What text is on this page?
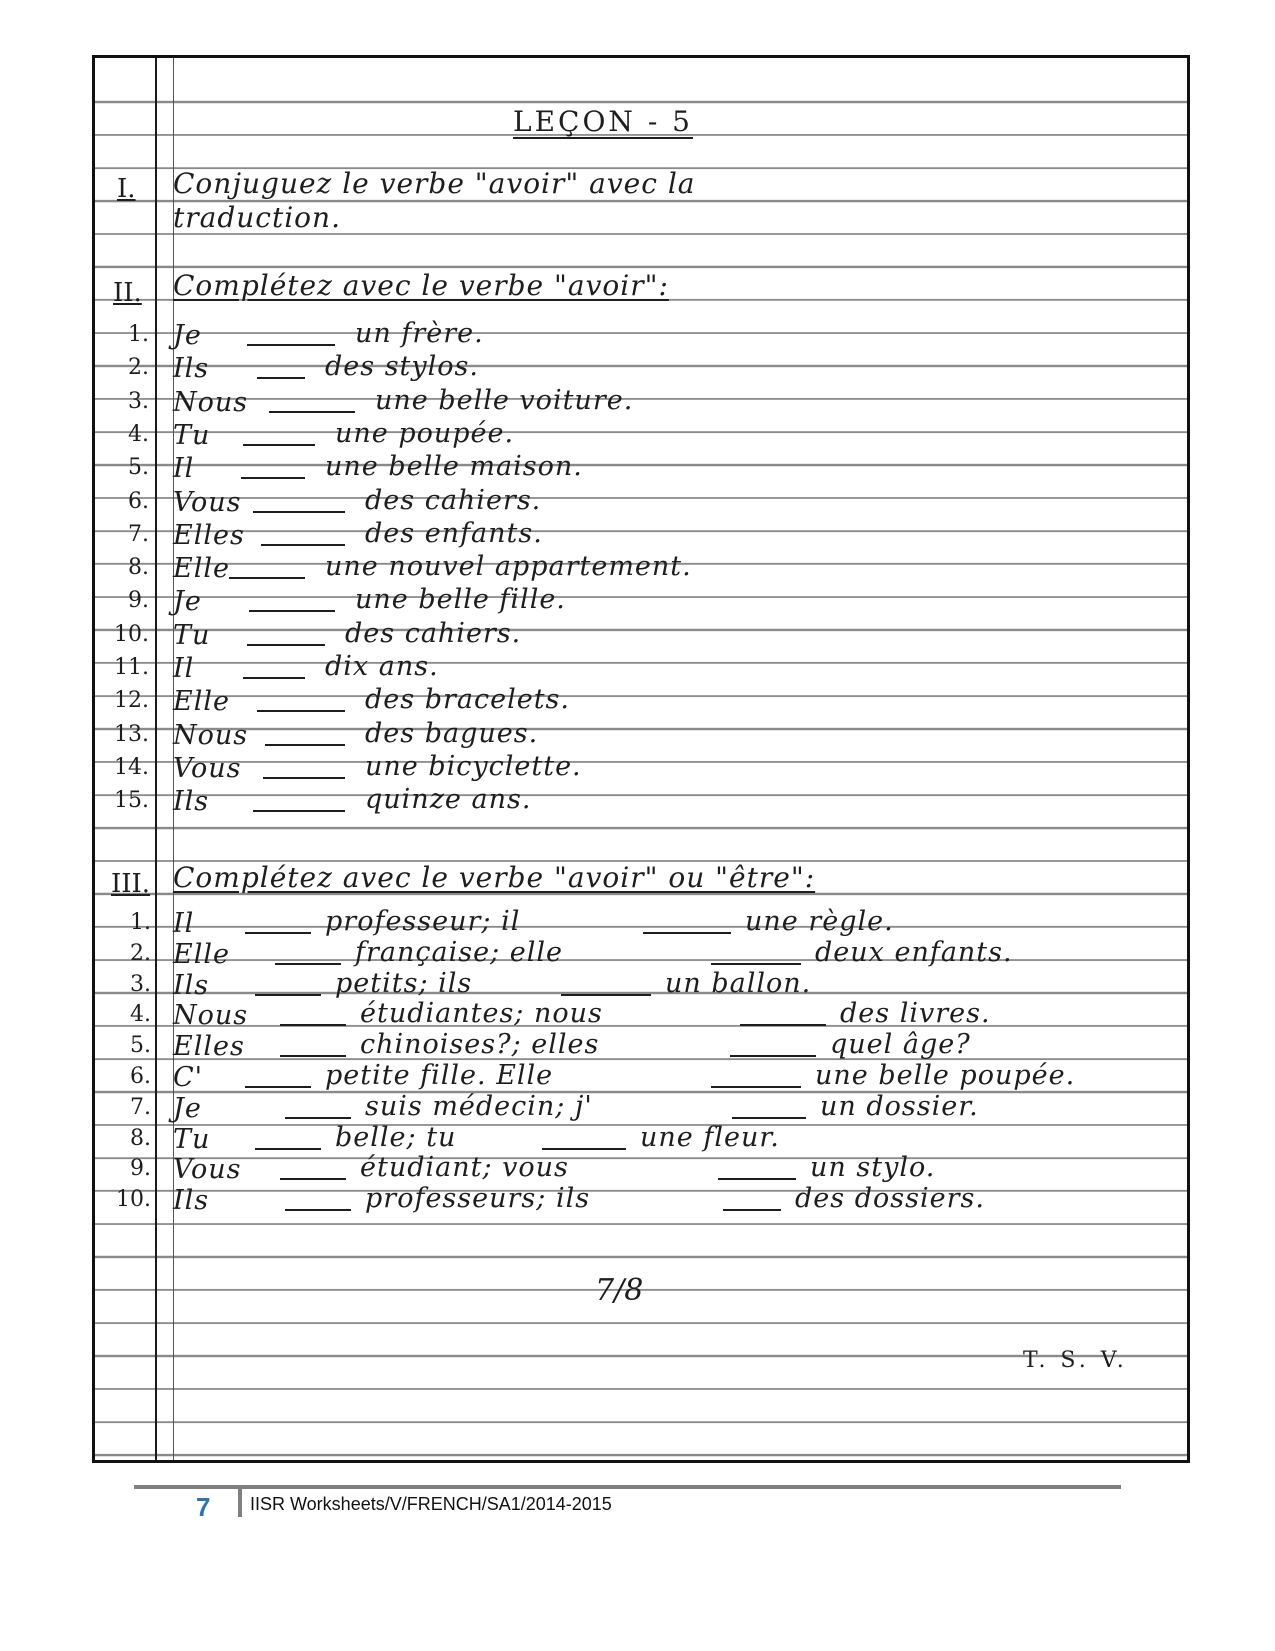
LEÇON - 5
I. Conjuguez le verbe "avoir" avec la
traduction.
II. Complétez avec le verbe "avoir":
1. Je	un frère.
2. Ils	des stylos.
3. Nous	une belle voiture.
4. Tu	une poupée.
5. Il	une belle maison.
6. Vous	des cahiers.
7. Elles	des enfants.
8. Elle	une nouvel appartement.
9. Je	une belle fille.
10. Tu	des cahiers.
11. Il	dix ans.
12. Elle	des bracelets.
13. Nous	des bagues.
14. Vous	une bicyclette.
15. Ils	quinze ans.
III. Complétez avec le verbe "avoir" ou "être":
1. Il	professeur; il	une règle.
2. Elle	française; elle	deux enfants.
3. Ils	petits; ils	un ballon.
4. Nous	étudiantes; nous	des livres.
5. Elles	chinoises?; elles	quel âge?
6. C'	petite fille. Elle	une belle poupée.
7. Je	suis médecin; j'	un dossier.
8. Tu	belle; tu	une fleur.
9. Vous	étudiant; vous	un stylo.
10. Ils	professeurs; ils	des dossiers.
7/8
T. S. V.
7 IISR Worksheets/V/FRENCH/SA1/2014-2015
